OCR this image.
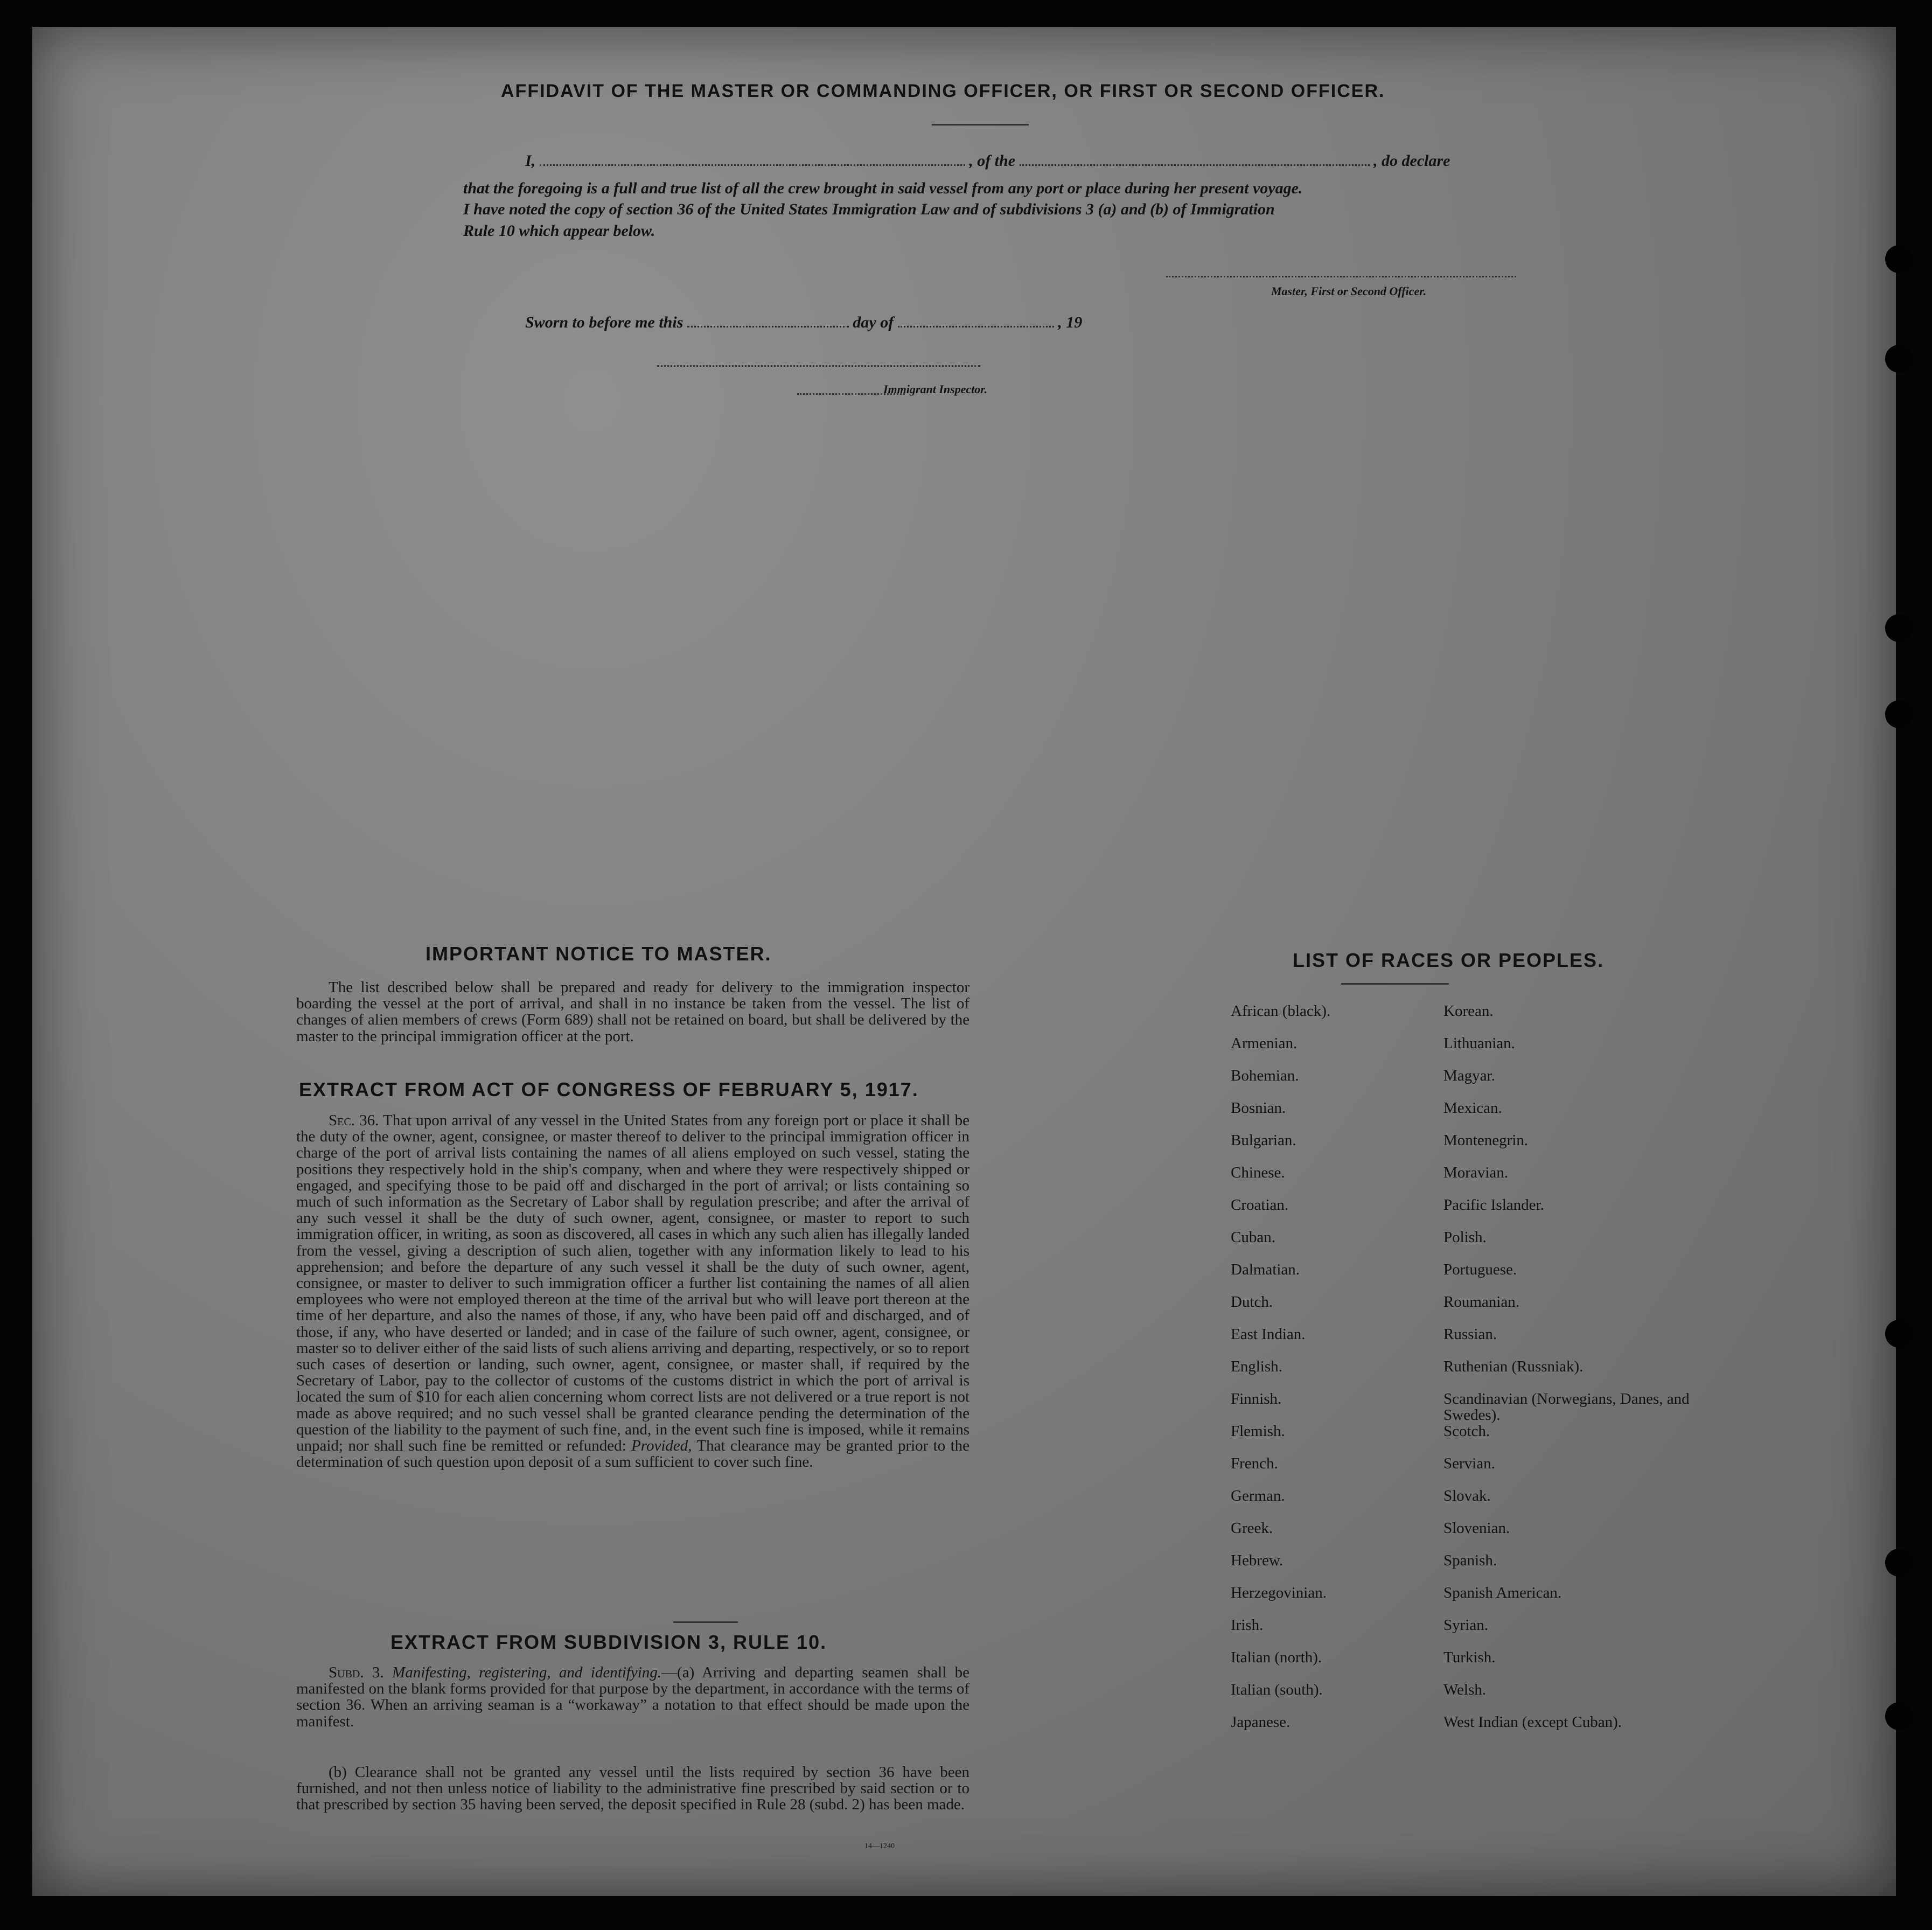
AFFIDAVIT OF THE MASTER OR COMMANDING OFFICER, OR FIRST OR SECOND OFFICER.
I,	, of the	, do declare
that the foregoing is a full and true list of all the crew brought in said vessel from any port or place during her present voyage.
I have noted the copy of section 36 of the United States Immigration Law and of subdivisions 3 (a) and (b) of Immigration
Rule 10 which appear below.
Master, First or Second Officer.
Sworn to before me this	day of	, 19
Immigrant Inspector.
IMPORTANT NOTICE TO MASTER.
The list described below shall be prepared and ready for delivery to the immigration inspector boarding the vessel at the port of arrival, and shall in no instance be taken from the vessel. The list of changes of alien members of crews (Form 689) shall not be retained on board, but shall be delivered by the master to the principal immigration officer at the port.
EXTRACT FROM ACT OF CONGRESS OF FEBRUARY 5, 1917.
Sec. 36. That upon arrival of any vessel in the United States from any foreign port or place it shall be the duty of the owner, agent, consignee, or master thereof to deliver to the principal immigration officer in charge of the port of arrival lists containing the names of all aliens employed on such vessel, stating the positions they respectively hold in the ship's company, when and where they were respectively shipped or engaged, and specifying those to be paid off and discharged in the port of arrival; or lists containing so much of such information as the Secretary of Labor shall by regulation prescribe; and after the arrival of any such vessel it shall be the duty of such owner, agent, consignee, or master to report to such immigration officer, in writing, as soon as discovered, all cases in which any such alien has illegally landed from the vessel, giving a description of such alien, together with any information likely to lead to his apprehension; and before the departure of any such vessel it shall be the duty of such owner, agent, consignee, or master to deliver to such immigration officer a further list containing the names of all alien employees who were not employed thereon at the time of the arrival but who will leave port thereon at the time of her departure, and also the names of those, if any, who have been paid off and discharged, and of those, if any, who have deserted or landed; and in case of the failure of such owner, agent, consignee, or master so to deliver either of the said lists of such aliens arriving and departing, respectively, or so to report such cases of desertion or landing, such owner, agent, consignee, or master shall, if required by the Secretary of Labor, pay to the collector of customs of the customs district in which the port of arrival is located the sum of $10 for each alien concerning whom correct lists are not delivered or a true report is not made as above required; and no such vessel shall be granted clearance pending the determination of the question of the liability to the payment of such fine, and, in the event such fine is imposed, while it remains unpaid; nor shall such fine be remitted or refunded: Provided, That clearance may be granted prior to the determination of such question upon deposit of a sum sufficient to cover such fine.
EXTRACT FROM SUBDIVISION 3, RULE 10.
Subd. 3. Manifesting, registering, and identifying.—(a) Arriving and departing seamen shall be manifested on the blank forms provided for that purpose by the department, in accordance with the terms of section 36. When an arriving seaman is a “workaway” a notation to that effect should be made upon the manifest.
(b) Clearance shall not be granted any vessel until the lists required by section 36 have been furnished, and not then unless notice of liability to the administrative fine prescribed by said section or to that prescribed by section 35 having been served, the deposit specified in Rule 28 (subd. 2) has been made.
14—1240
LIST OF RACES OR PEOPLES.
African (black).
Armenian.
Bohemian.
Bosnian.
Bulgarian.
Chinese.
Croatian.
Cuban.
Dalmatian.
Dutch.
East Indian.
English.
Finnish.
Flemish.
French.
German.
Greek.
Hebrew.
Herzegovinian.
Irish.
Italian (north).
Italian (south).
Japanese.
Korean.
Lithuanian.
Magyar.
Mexican.
Montenegrin.
Moravian.
Pacific Islander.
Polish.
Portuguese.
Roumanian.
Russian.
Ruthenian (Russniak).
Scandinavian (Norwegians, Danes, and Swedes).
Scotch.
Servian.
Slovak.
Slovenian.
Spanish.
Spanish American.
Syrian.
Turkish.
Welsh.
West Indian (except Cuban).
